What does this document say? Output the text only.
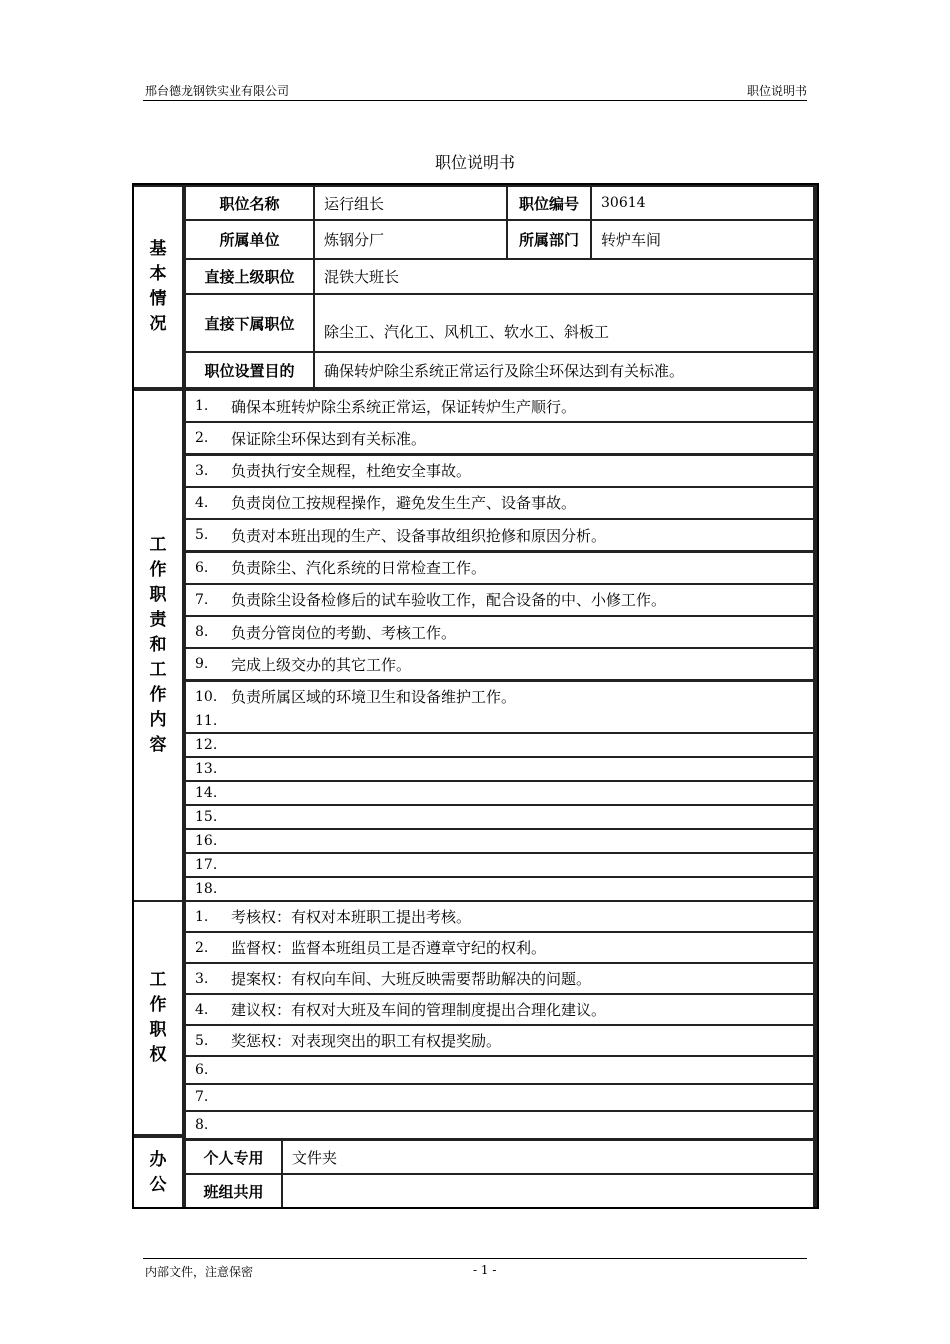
邢台德龙钢铁实业有限公司	职位说明书
职位说明书
基本情况
职位名称	运行组长	职位编号	30614
所属单位	炼钢分厂	所属部门	转炉车间
直接上级职位	混铁大班长
直接下属职位	除尘工、汽化工、风机工、软水工、斜板工
职位设置目的	确保转炉除尘系统正常运行及除尘环保达到有关标准。
工作职责和工作内容
1.	确保本班转炉除尘系统正常运，保证转炉生产顺行。
2.	保证除尘环保达到有关标准。
3.	负责执行安全规程，杜绝安全事故。
4.	负责岗位工按规程操作，避免发生生产、设备事故。
5.	负责对本班出现的生产、设备事故组织抢修和原因分析。
6.	负责除尘、汽化系统的日常检查工作。
7.	负责除尘设备检修后的试车验收工作，配合设备的中、小修工作。
8.	负责分管岗位的考勤、考核工作。
9.	完成上级交办的其它工作。
10. 负责所属区域的环境卫生和设备维护工作。
11.
12.
13.
14.
15.
16.
17.
18.
工作职权
1.	考核权：有权对本班职工提出考核。
2.	监督权：监督本班组员工是否遵章守纪的权利。
3.	提案权：有权向车间、大班反映需要帮助解决的问题。
4.	建议权：有权对大班及车间的管理制度提出合理化建议。
5.	奖惩权：对表现突出的职工有权提奖励。
6.
7.
8.
办公
个人专用	文件夹
班组共用
内部文件，注意保密	- 1 -
